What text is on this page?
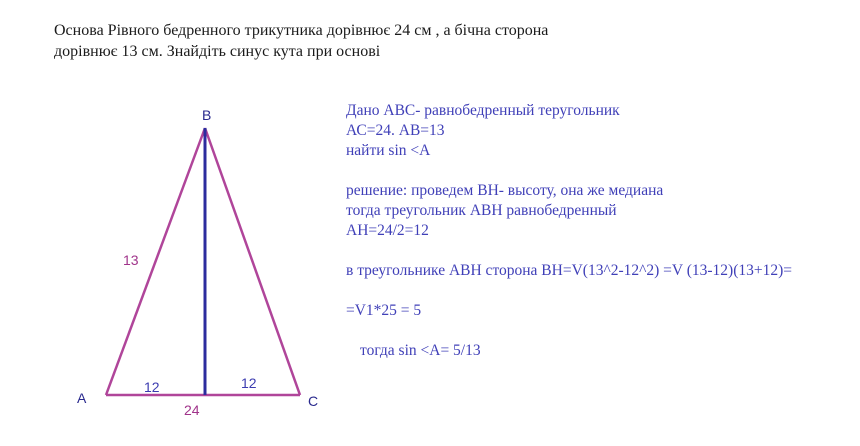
Основа Рівного бедренного трикутника дорівнює 24 см , а бічна сторона
дорівнює 13 см. Знайдіть синус кута при основі
B
A	C
13
12	12
24
Дано АВС- равнобедренный теругольник
АС=24. АВ=13
найти sin <A
решение: проведем ВН- высоту, она же медиана
тогда треугольник АВН равнобедренный
АН=24/2=12
в треугольнике АВН сторона ВН=V(13^2-12^2) =V (13-12)(13+12)=
=V1*25 = 5
тогда sin <A= 5/13
